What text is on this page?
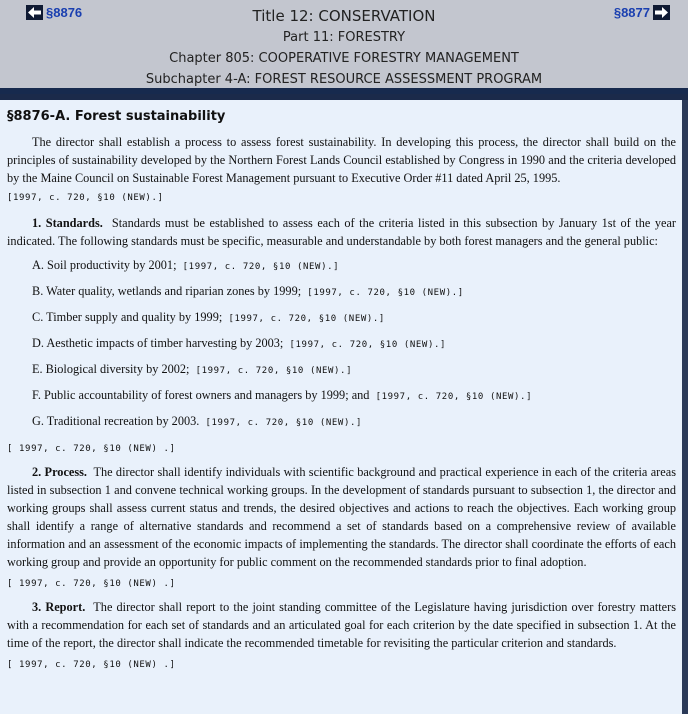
§8876	§8877
Title 12: CONSERVATION
Part 11: FORESTRY
Chapter 805: COOPERATIVE FORESTRY MANAGEMENT
Subchapter 4-A: FOREST RESOURCE ASSESSMENT PROGRAM
§8876-A. Forest sustainability

The director shall establish a process to assess forest sustainability. In developing this process, the director shall build on the principles of sustainability developed by the Northern Forest Lands Council established by Congress in 1990 and the criteria developed by the Maine Council on Sustainable Forest Management pursuant to Executive Order #11 dated April 25, 1995.

[1997, c. 720, §10 (NEW).]

1. Standards. Standards must be established to assess each of the criteria listed in this subsection by January 1st of the year indicated. The following standards must be specific, measurable and understandable by both forest managers and the general public:

A. Soil productivity by 2001; [1997, c. 720, §10 (NEW).]
B. Water quality, wetlands and riparian zones by 1999; [1997, c. 720, §10 (NEW).]
C. Timber supply and quality by 1999; [1997, c. 720, §10 (NEW).]
D. Aesthetic impacts of timber harvesting by 2003; [1997, c. 720, §10 (NEW).]
E. Biological diversity by 2002; [1997, c. 720, §10 (NEW).]
F. Public accountability of forest owners and managers by 1999; and [1997, c. 720, §10 (NEW).]
G. Traditional recreation by 2003. [1997, c. 720, §10 (NEW).]

[ 1997, c. 720, §10 (NEW) .]

2. Process. The director shall identify individuals with scientific background and practical experience in each of the criteria areas listed in subsection 1 and convene technical working groups. In the development of standards pursuant to subsection 1, the director and working groups shall assess current status and trends, the desired objectives and actions to reach the objectives. Each working group shall identify a range of alternative standards and recommend a set of standards based on a comprehensive review of available information and an assessment of the economic impacts of implementing the standards. The director shall coordinate the efforts of each working group and provide an opportunity for public comment on the recommended standards prior to final adoption.

[ 1997, c. 720, §10 (NEW) .]

3. Report. The director shall report to the joint standing committee of the Legislature having jurisdiction over forestry matters with a recommendation for each set of standards and an articulated goal for each criterion by the date specified in subsection 1. At the time of the report, the director shall indicate the recommended timetable for revisiting the particular criterion and standards.

[ 1997, c. 720, §10 (NEW) .]
